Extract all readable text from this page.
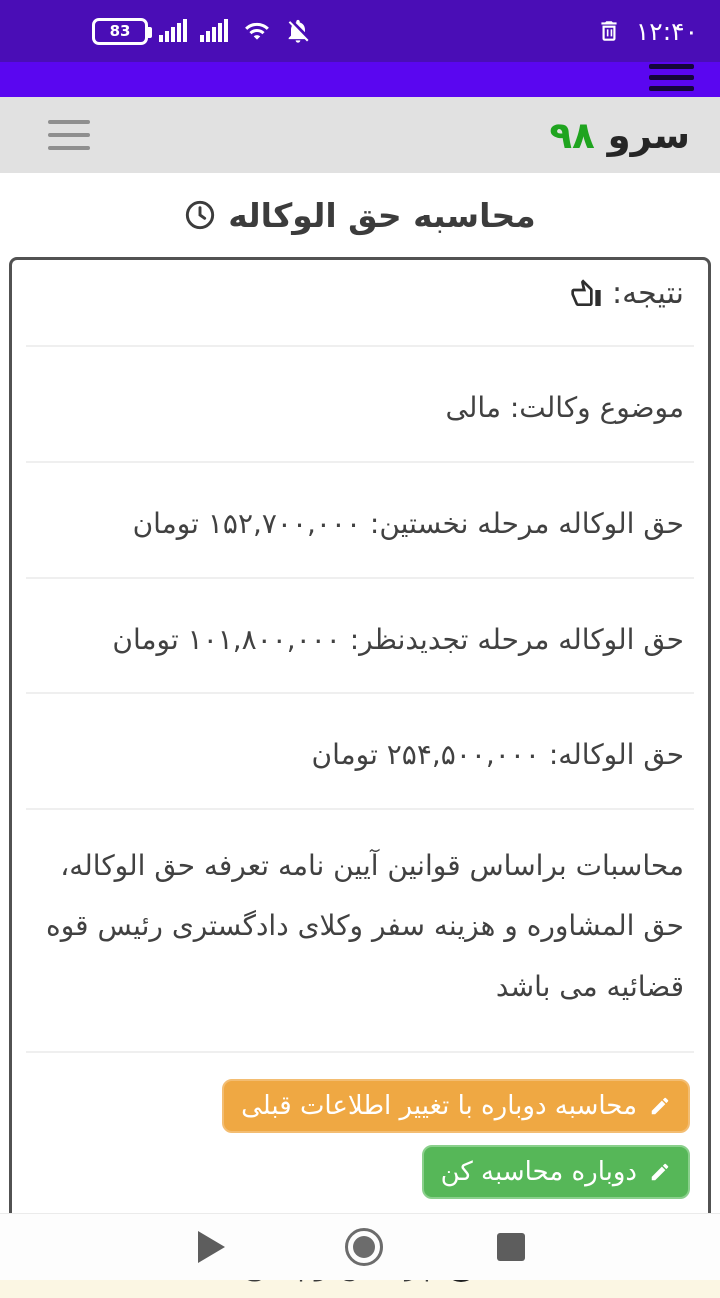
83	۱۲:۴۰
سرو ۹۸
محاسبه حق الوکاله
نتیجه:
موضوع وکالت: مالی
حق الوکاله مرحله نخستین: ۱۵۲,۷۰۰,۰۰۰ تومان
حق الوکاله مرحله تجدیدنظر: ۱۰۱,۸۰۰,۰۰۰ تومان
حق الوکاله: ۲۵۴,۵۰۰,۰۰۰ تومان
محاسبات براساس قوانین آیین نامه تعرفه حق الوکاله، حق المشاوره و هزینه سفر وکلای دادگستری رئیس قوه قضائیه می باشد
محاسبه دوباره با تغییر اطلاعات قبلی
دوباره محاسبه کن
